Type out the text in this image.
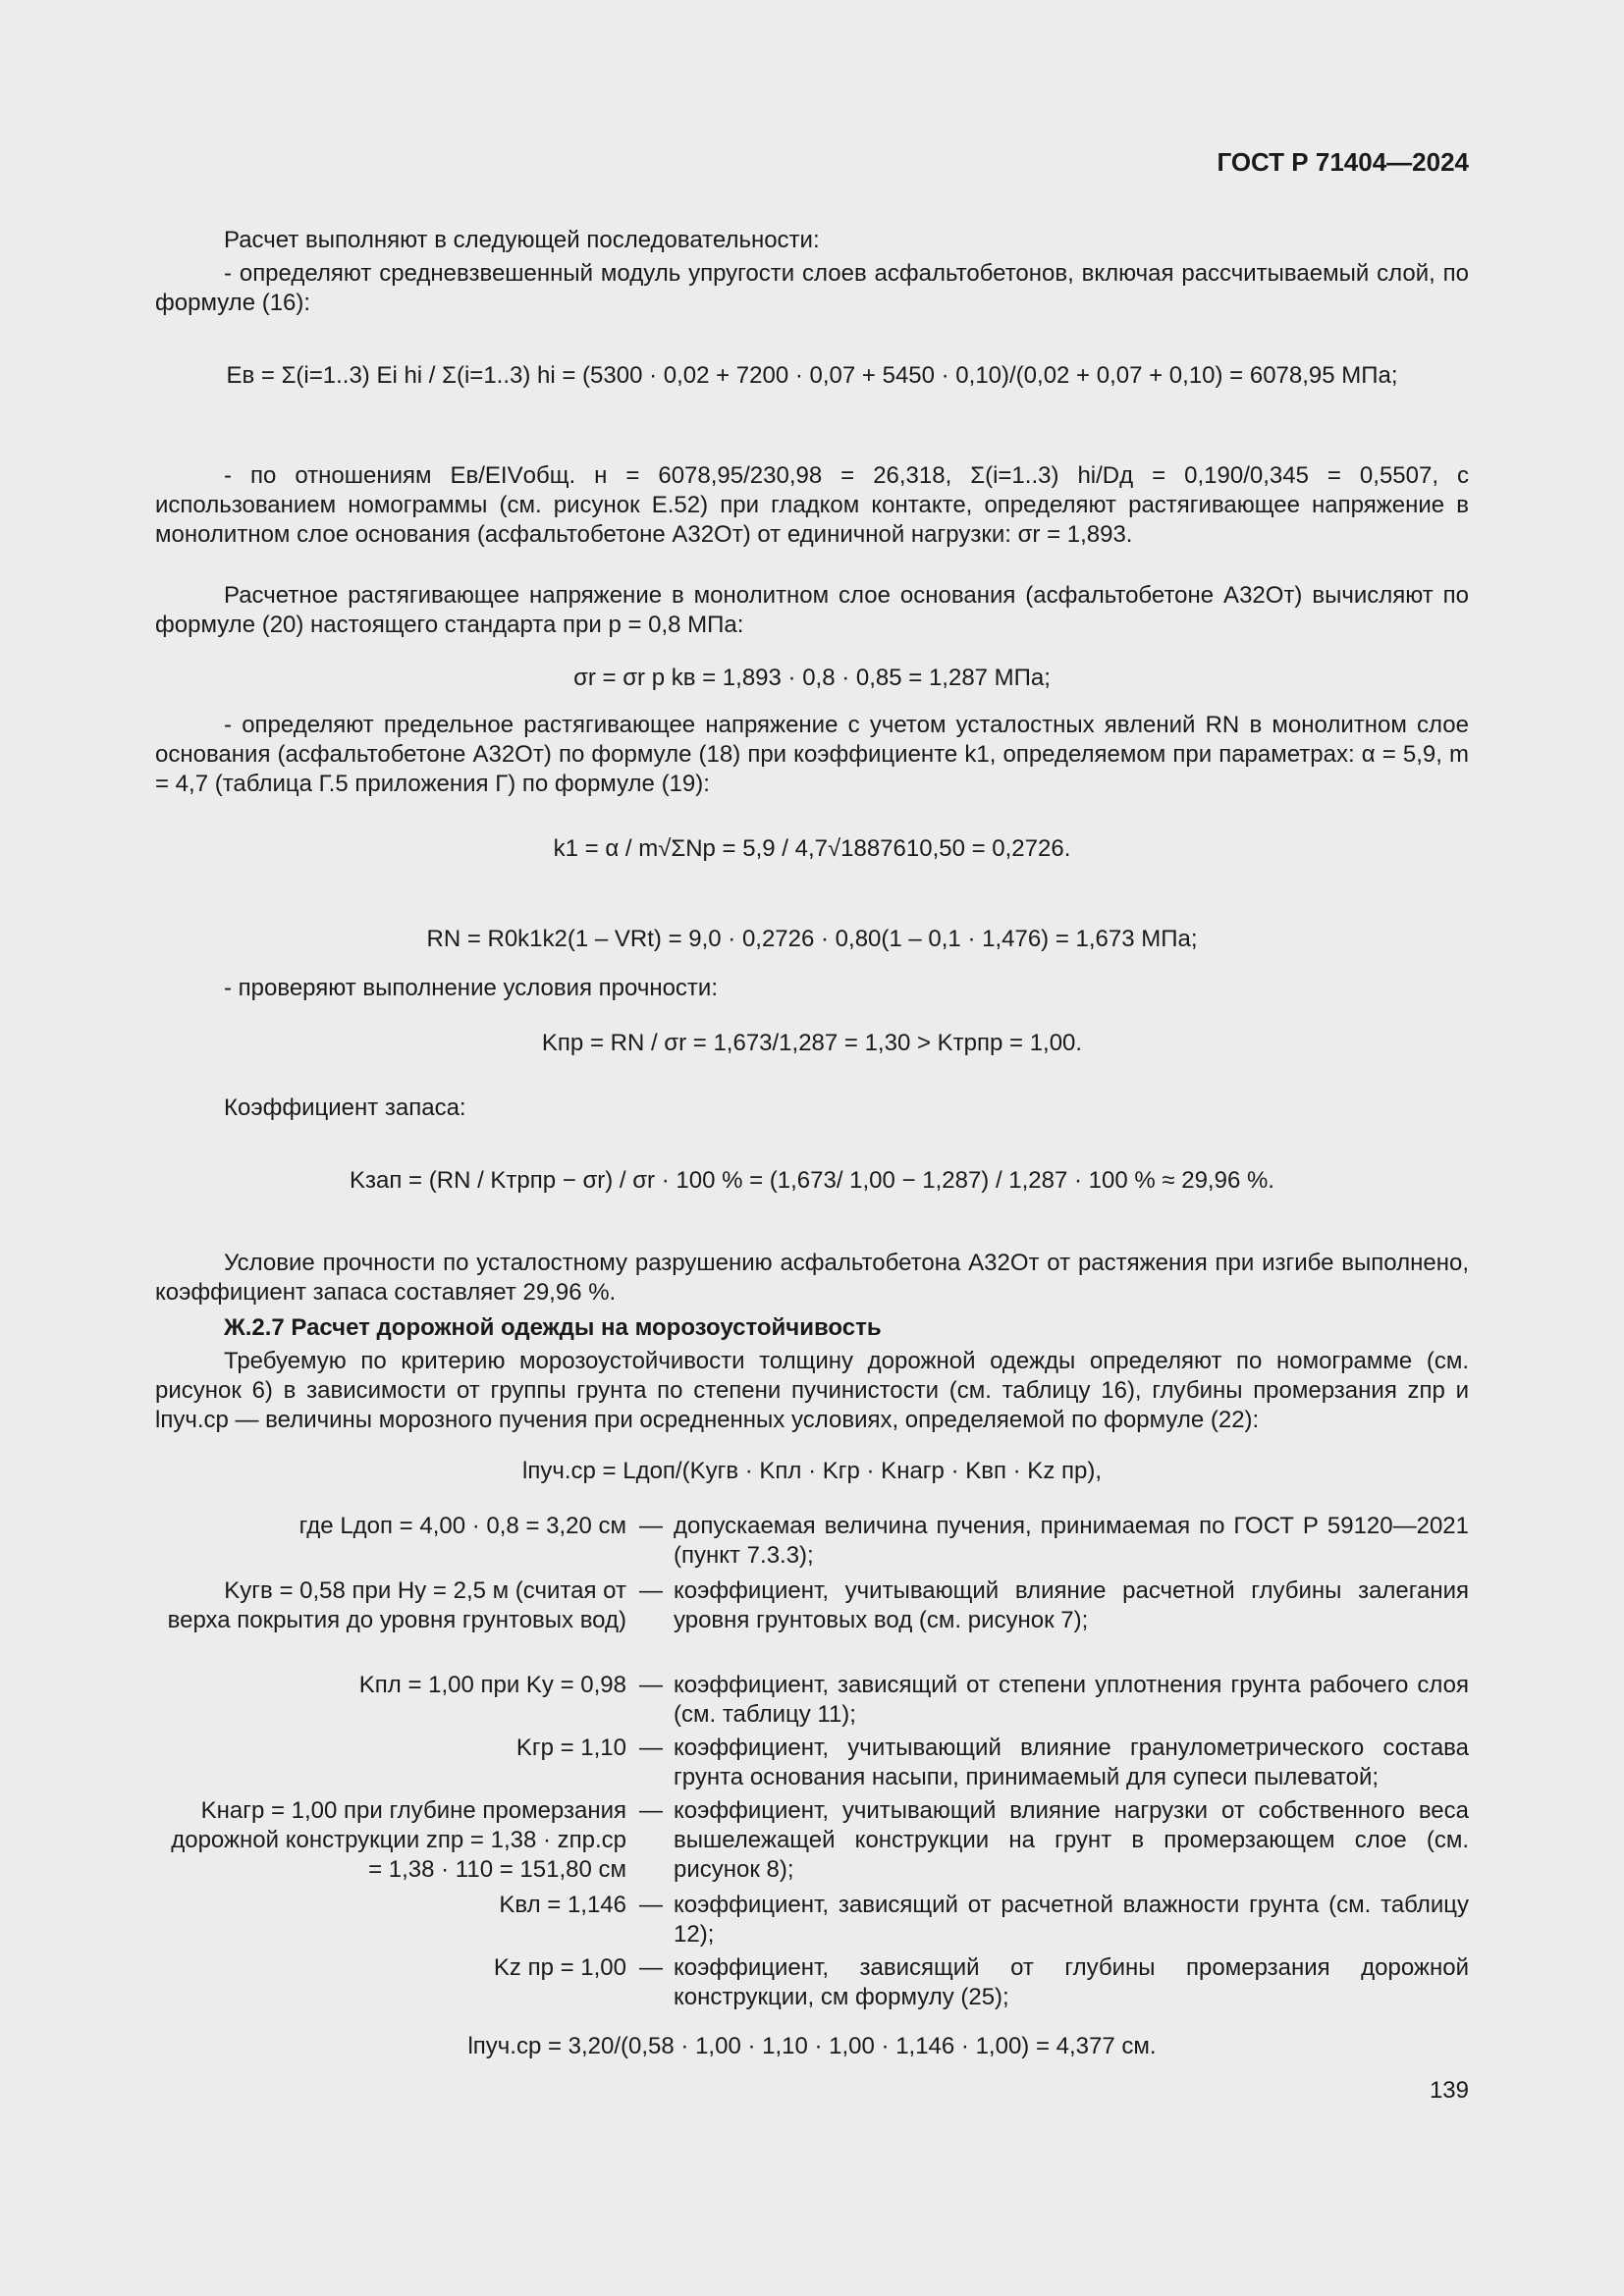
ГОСТ Р 71404—2024
Расчет выполняют в следующей последовательности:
- определяют средневзвешенный модуль упругости слоев асфальтобетонов, включая рассчитываемый слой, по формуле (16):
Eв = Σ(i=1..3) Ei hi / Σ(i=1..3) hi = (5300 · 0,02 + 7200 · 0,07 + 5450 · 0,10)/(0,02 + 0,07 + 0,10) = 6078,95 МПа;
- по отношениям Eв/EIVобщ. н = 6078,95/230,98 = 26,318, Σ(i=1..3) hi/Dд = 0,190/0,345 = 0,5507, с использованием номограммы (см. рисунок Е.52) при гладком контакте, определяют растягивающее напряжение в монолитном слое основания (асфальтобетоне А32Oт) от единичной нагрузки: σr = 1,893.
Расчетное растягивающее напряжение в монолитном слое основания (асфальтобетоне А32Oт) вычисляют по формуле (20) настоящего стандарта при p = 0,8 МПа:
σr = σr p kв = 1,893 · 0,8 · 0,85 = 1,287 МПа;
- определяют предельное растягивающее напряжение с учетом усталостных явлений RN в монолитном слое основания (асфальтобетоне А32Oт) по формуле (18) при коэффициенте k1, определяемом при параметрах: α = 5,9, m = 4,7 (таблица Г.5 приложения Г) по формуле (19):
k1 = α / m√ΣNр = 5,9 / 4,7√1887610,50 = 0,2726.
RN = R0k1k2(1 – VRt) = 9,0 · 0,2726 · 0,80(1 – 0,1 · 1,476) = 1,673 МПа;
- проверяют выполнение условия прочности:
Kпр = RN / σr = 1,673/1,287 = 1,30 > Kтрпр = 1,00.
Коэффициент запаса:
Kзап = (RN / Kтрпр − σr) / σr · 100 % = (1,673/ 1,00 − 1,287) / 1,287 · 100 % ≈ 29,96 %.
Условие прочности по усталостному разрушению асфальтобетона А32Oт от растяжения при изгибе выполнено, коэффициент запаса составляет 29,96 %.
Ж.2.7 Расчет дорожной одежды на морозоустойчивость
Требуемую по критерию морозоустойчивости толщину дорожной одежды определяют по номограмме (см. рисунок 6) в зависимости от группы грунта по степени пучинистости (см. таблицу 16), глубины промерзания zпр и lпуч.ср — величины морозного пучения при осредненных условиях, определяемой по формуле (22):
lпуч.ср = Lдоп/(Kугв · Kпл · Kгр · Kнагр · Kвп · Kz пр),
где Lдоп = 4,00 · 0,8 = 3,20 см — допускаемая величина пучения, принимаемая по ГОСТ Р 59120—2021 (пункт 7.3.3);
Kугв = 0,58 при Hу = 2,5 м (считая от верха покрытия до уровня грунтовых вод)
— коэффициент, учитывающий влияние расчетной глубины залегания уровня грунтовых вод (см. рисунок 7);
Kпл = 1,00 при Kу = 0,98 — коэффициент, зависящий от степени уплотнения грунта рабочего слоя (см. таблицу 11);
Kгр = 1,10 — коэффициент, учитывающий влияние гранулометрического состава грунта основания насыпи, принимаемый для супеси пылеватой;
Kнагр = 1,00 при глубине промерзания дорожной конструкции zпр = 1,38 · zпр.ср = 1,38 · 110 = 151,80 см
— коэффициент, учитывающий влияние нагрузки от собственного веса вышележащей конструкции на грунт в промерзающем слое (см. рисунок 8);
Kвл = 1,146 — коэффициент, зависящий от расчетной влажности грунта (см. таблицу 12);
Kz пр = 1,00 — коэффициент, зависящий от глубины промерзания дорожной конструкции, см формулу (25);
lпуч.ср = 3,20/(0,58 · 1,00 · 1,10 · 1,00 · 1,146 · 1,00) = 4,377 см.
139
